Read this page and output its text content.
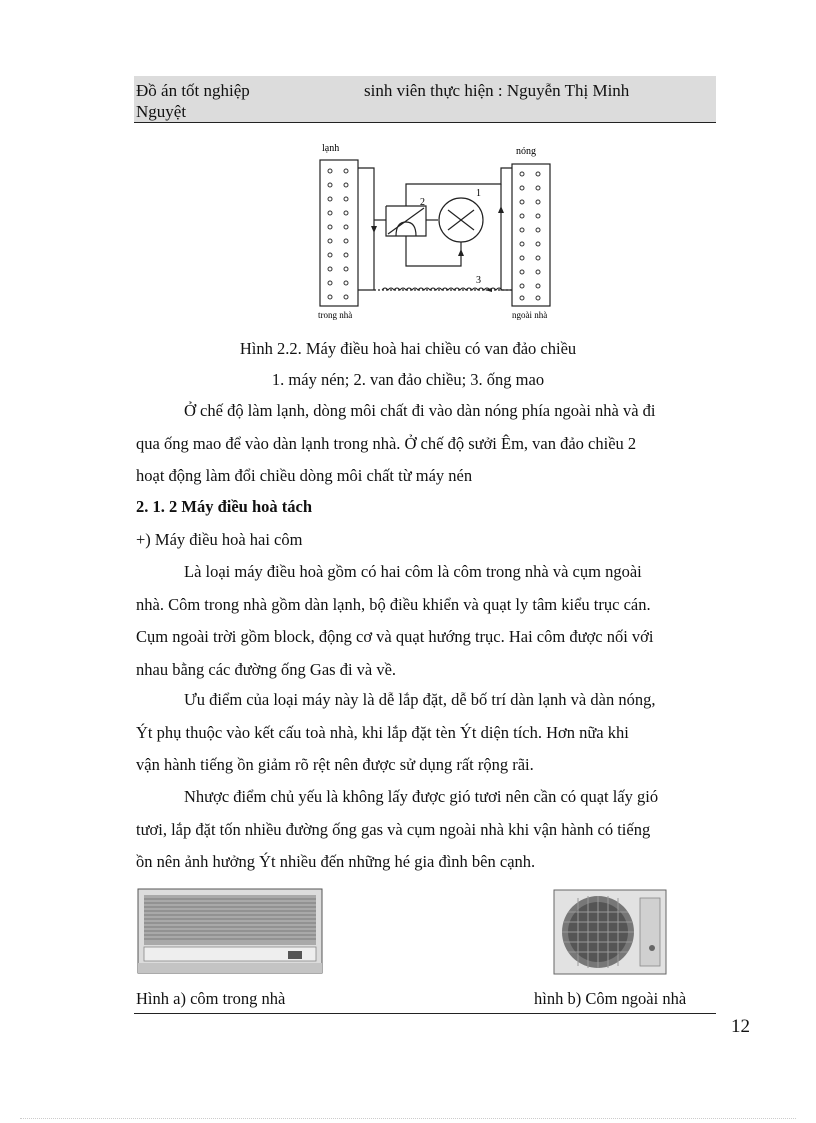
Đồ án tốt nghiệp	sinh viên thực hiện : Nguyễn Thị Minh
Nguyệt
lạnh	nóng
1
2
3
trong nhà	ngoài nhà
Hình 2.2. Máy điều hoà hai chiều có van đảo chiều
1. máy nén; 2. van đảo chiều; 3. ống mao
Ở chế độ làm lạnh, dòng môi chất đi vào dàn nóng phía ngoài nhà và đi
qua ống mao để vào dàn lạnh trong nhà. Ở chế độ sưởi Êm, van đảo chiều 2
hoạt động làm đổi chiều dòng môi chất từ máy nén
2. 1. 2 Máy điều hoà tách
+) Máy điều hoà hai côm
Là loại máy điều hoà gồm có hai côm là côm trong nhà và cụm ngoài
nhà. Côm trong nhà gồm dàn lạnh, bộ điều khiển và quạt ly tâm kiểu trục cán.
Cụm ngoài trời gồm block, động cơ và quạt hướng trục. Hai côm được nối với
nhau bằng các đường ống Gas đi và về.
Ưu điểm của loại máy này là dễ lắp đặt, dễ bố trí dàn lạnh và dàn nóng,
Ýt phụ thuộc vào kết cấu toà nhà, khi lắp đặt tèn Ýt diện tích. Hơn nữa khi
vận hành tiếng ồn giảm rõ rệt nên được sử dụng rất rộng rãi.
Nhược điểm chủ yếu là không lấy được gió tươi nên cần có quạt lấy gió
tươi, lắp đặt tốn nhiều đường ống gas và cụm ngoài nhà khi vận hành có tiếng
ồn nên ảnh hưởng Ýt nhiều đến những hé gia đình bên cạnh.
Hình a) côm trong nhà	hình b) Côm ngoài nhà
12
